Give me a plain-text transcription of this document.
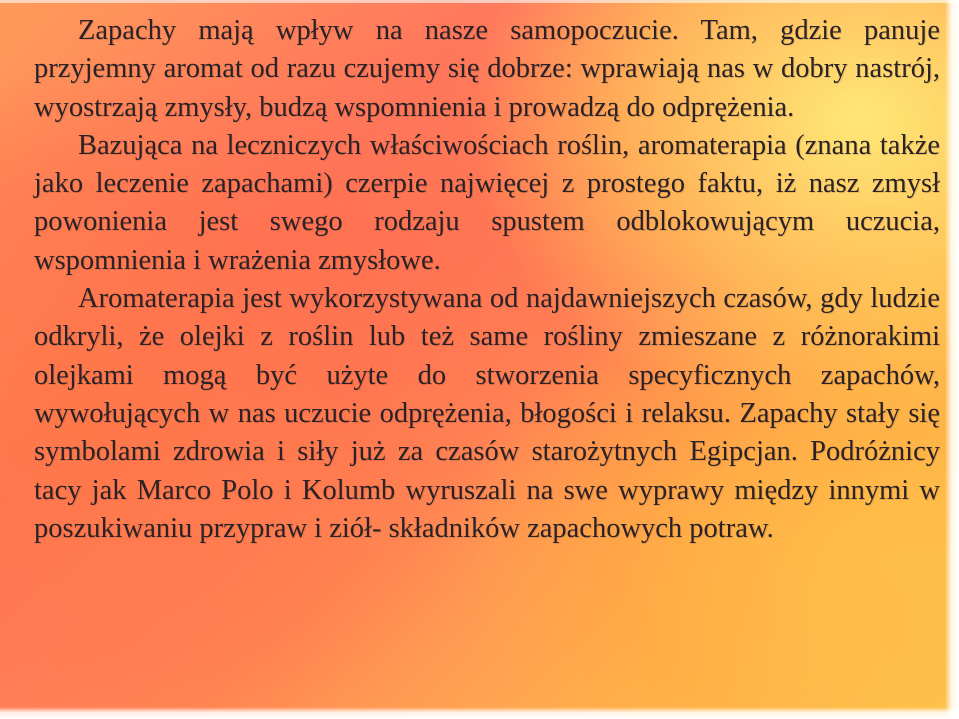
Zapachy mają wpływ na nasze samopoczucie. Tam, gdzie panuje przyjemny aromat od razu czujemy się dobrze: wprawiają nas w dobry nastrój, wyostrzają zmysły, budzą wspomnienia i prowadzą do odprężenia.

Bazująca na leczniczych właściwościach roślin, aromaterapia (znana także jako leczenie zapachami) czerpie najwięcej z prostego faktu, iż nasz zmysł powonienia jest swego rodzaju spustem odblokowującym uczucia, wspomnienia i wrażenia zmysłowe.

Aromaterapia jest wykorzystywana od najdawniejszych czasów, gdy ludzie odkryli, że olejki z roślin lub też same rośliny zmieszane z różnorakimi olejkami mogą być użyte do stworzenia specyficznych zapachów, wywołujących w nas uczucie odprężenia, błogości i relaksu. Zapachy stały się symbolami zdrowia i siły już za czasów starożytnych Egipcjan. Podróżnicy tacy jak Marco Polo i Kolumb wyruszali na swe wyprawy między innymi w poszukiwaniu przypraw i ziół- składników zapachowych potraw.
